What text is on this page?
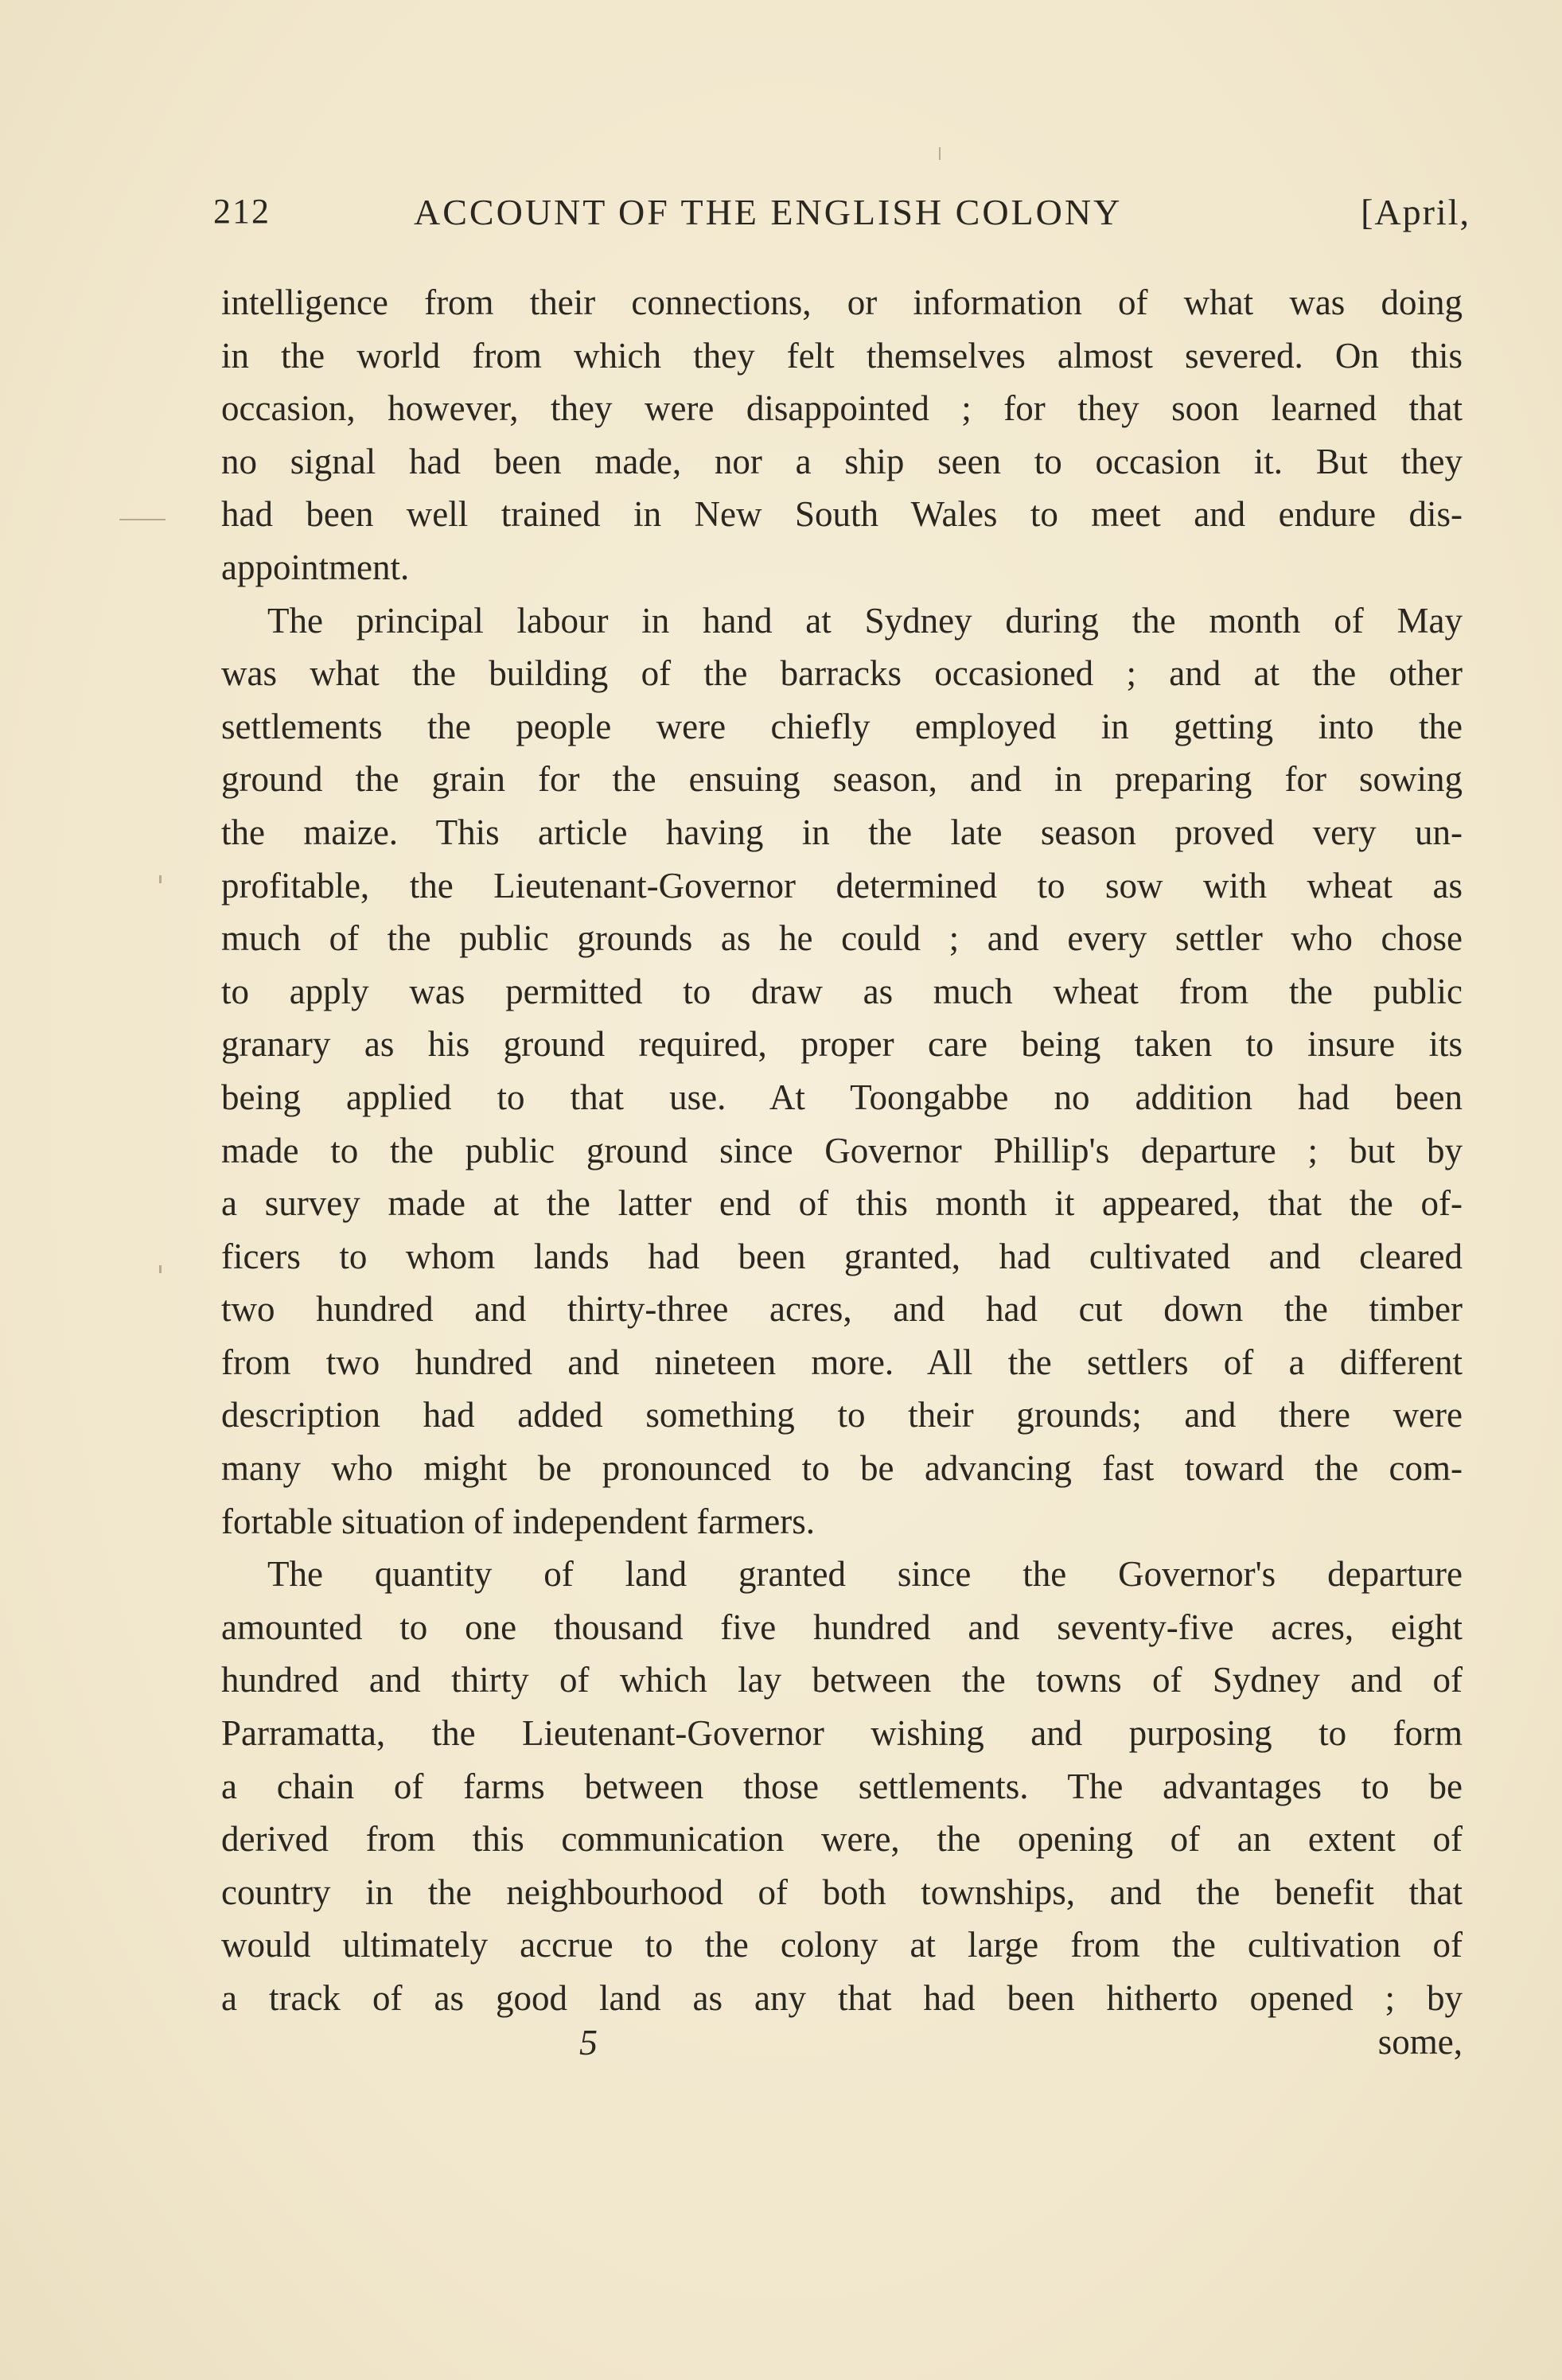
212	ACCOUNT OF THE ENGLISH COLONY	[April,
intelligence from their connections, or information of what was doing
in the world from which they felt themselves almost severed. On this
occasion, however, they were disappointed ; for they soon learned that
no signal had been made, nor a ship seen to occasion it. But they
had been well trained in New South Wales to meet and endure dis-
appointment.
The principal labour in hand at Sydney during the month of May
was what the building of the barracks occasioned ; and at the other
settlements the people were chiefly employed in getting into the
ground the grain for the ensuing season, and in preparing for sowing
the maize. This article having in the late season proved very un-
profitable, the Lieutenant-Governor determined to sow with wheat as
much of the public grounds as he could ; and every settler who chose
to apply was permitted to draw as much wheat from the public
granary as his ground required, proper care being taken to insure its
being applied to that use. At Toongabbe no addition had been
made to the public ground since Governor Phillip's departure ; but by
a survey made at the latter end of this month it appeared, that the of-
ficers to whom lands had been granted, had cultivated and cleared
two hundred and thirty-three acres, and had cut down the timber
from two hundred and nineteen more. All the settlers of a different
description had added something to their grounds; and there were
many who might be pronounced to be advancing fast toward the com-
fortable situation of independent farmers.
The quantity of land granted since the Governor's departure
amounted to one thousand five hundred and seventy-five acres, eight
hundred and thirty of which lay between the towns of Sydney and of
Parramatta, the Lieutenant-Governor wishing and purposing to form
a chain of farms between those settlements. The advantages to be
derived from this communication were, the opening of an extent of
country in the neighbourhood of both townships, and the benefit that
would ultimately accrue to the colony at large from the cultivation of
a track of as good land as any that had been hitherto opened ; by
5	some,
